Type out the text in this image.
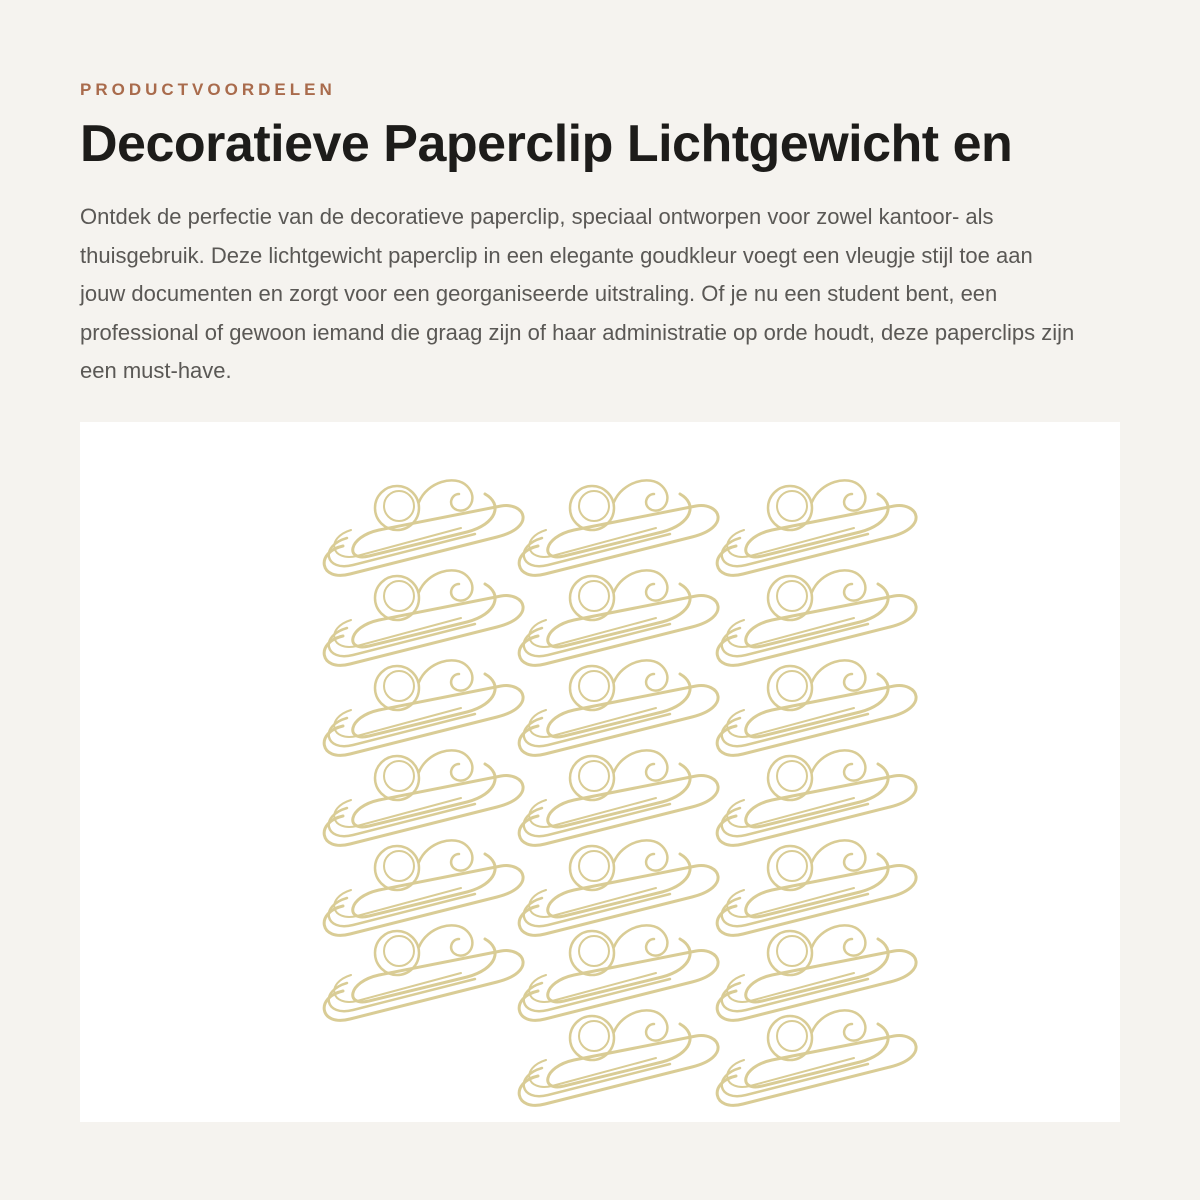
PRODUCTVOORDELEN
Decoratieve Paperclip Lichtgewicht en

Ontdek de perfectie van de decoratieve paperclip, speciaal ontworpen voor zowel kantoor- als thuisgebruik. Deze lichtgewicht paperclip in een elegante goudkleur voegt een vleugje stijl toe aan jouw documenten en zorgt voor een georganiseerde uitstraling. Of je nu een student bent, een professional of gewoon iemand die graag zijn of haar administratie op orde houdt, deze paperclips zijn een must-have.
